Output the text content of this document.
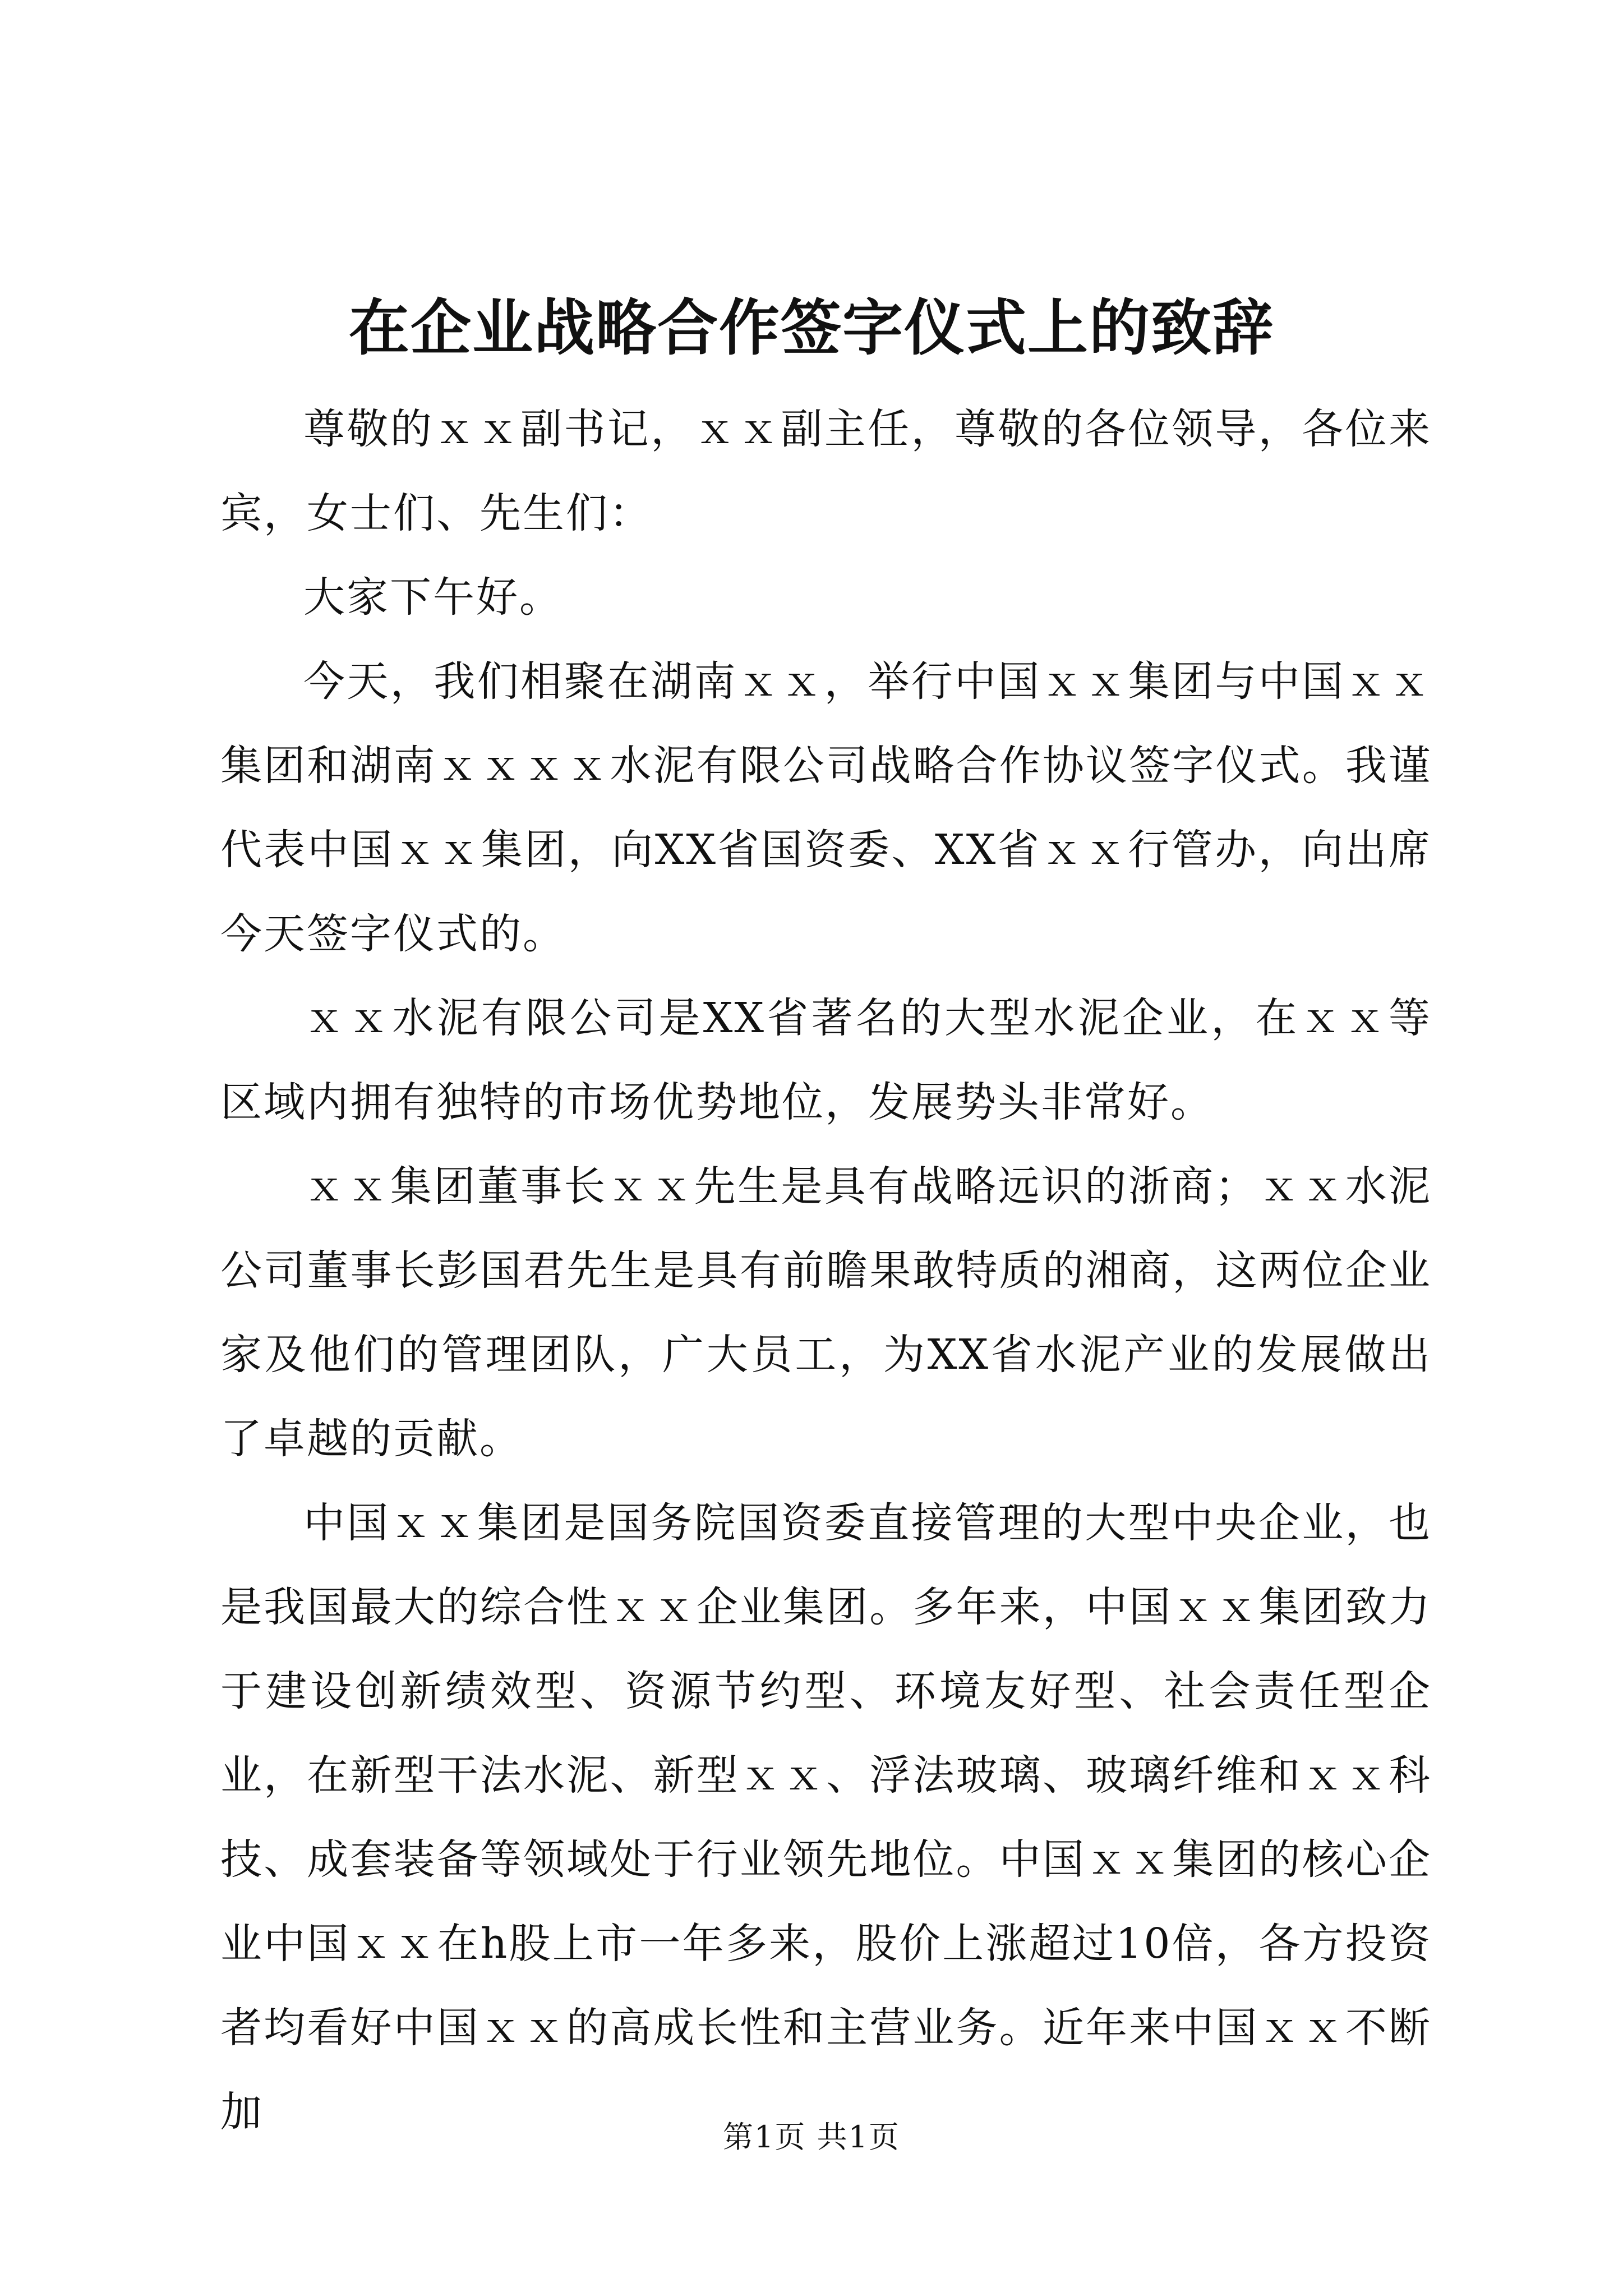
在企业战略合作签字仪式上的致辞

尊敬的ｘｘ副书记，ｘｘ副主任，尊敬的各位领导，各位来宾，女士们、先生们：

大家下午好。

今天，我们相聚在湖南ｘｘ，举行中国ｘｘ集团与中国ｘｘ集团和湖南ｘｘｘｘ水泥有限公司战略合作协议签字仪式。我谨代表中国ｘｘ集团，向XX省国资委、XX省ｘｘ行管办，向出席今天签字仪式的。

ｘｘ水泥有限公司是XX省著名的大型水泥企业，在ｘｘ等区域内拥有独特的市场优势地位，发展势头非常好。

ｘｘ集团董事长ｘｘ先生是具有战略远识的浙商；ｘｘ水泥公司董事长彭国君先生是具有前瞻果敢特质的湘商，这两位企业家及他们的管理团队，广大员工，为XX省水泥产业的发展做出了卓越的贡献。

中国ｘｘ集团是国务院国资委直接管理的大型中央企业，也是我国最大的综合性ｘｘ企业集团。多年来，中国ｘｘ集团致力于建设创新绩效型、资源节约型、环境友好型、社会责任型企业，在新型干法水泥、新型ｘｘ、浮法玻璃、玻璃纤维和ｘｘ科技、成套装备等领域处于行业领先地位。中国ｘｘ集团的核心企业中国ｘｘ在h股上市一年多来，股价上涨超过10倍，各方投资者均看好中国ｘｘ的高成长性和主营业务。近年来中国ｘｘ不断加

第1页 共1页
